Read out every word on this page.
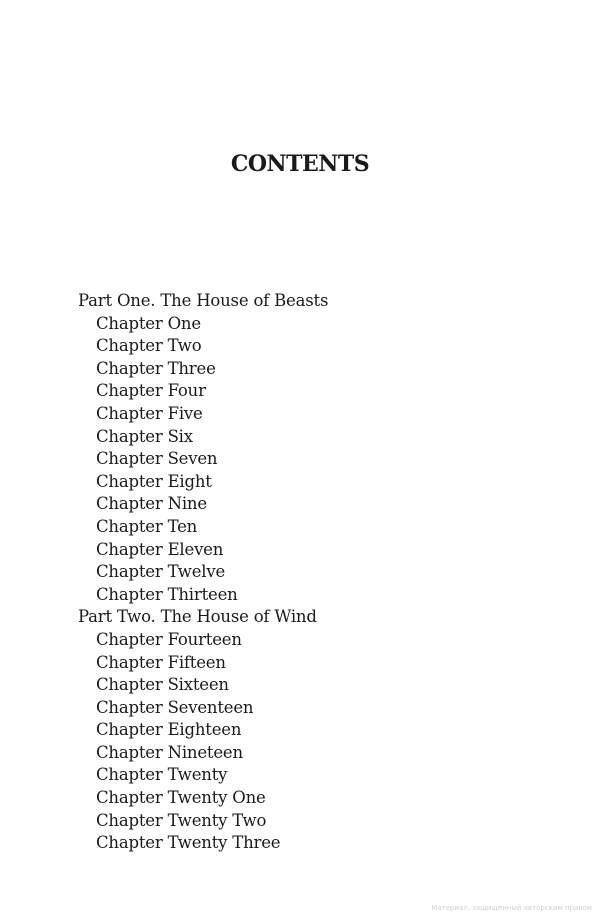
CONTENTS
Part One. The House of Beasts
Chapter One
Chapter Two
Chapter Three
Chapter Four
Chapter Five
Chapter Six
Chapter Seven
Chapter Eight
Chapter Nine
Chapter Ten
Chapter Eleven
Chapter Twelve
Chapter Thirteen
Part Two. The House of Wind
Chapter Fourteen
Chapter Fifteen
Chapter Sixteen
Chapter Seventeen
Chapter Eighteen
Chapter Nineteen
Chapter Twenty
Chapter Twenty One
Chapter Twenty Two
Chapter Twenty Three
Материал, защищенный авторским правом
